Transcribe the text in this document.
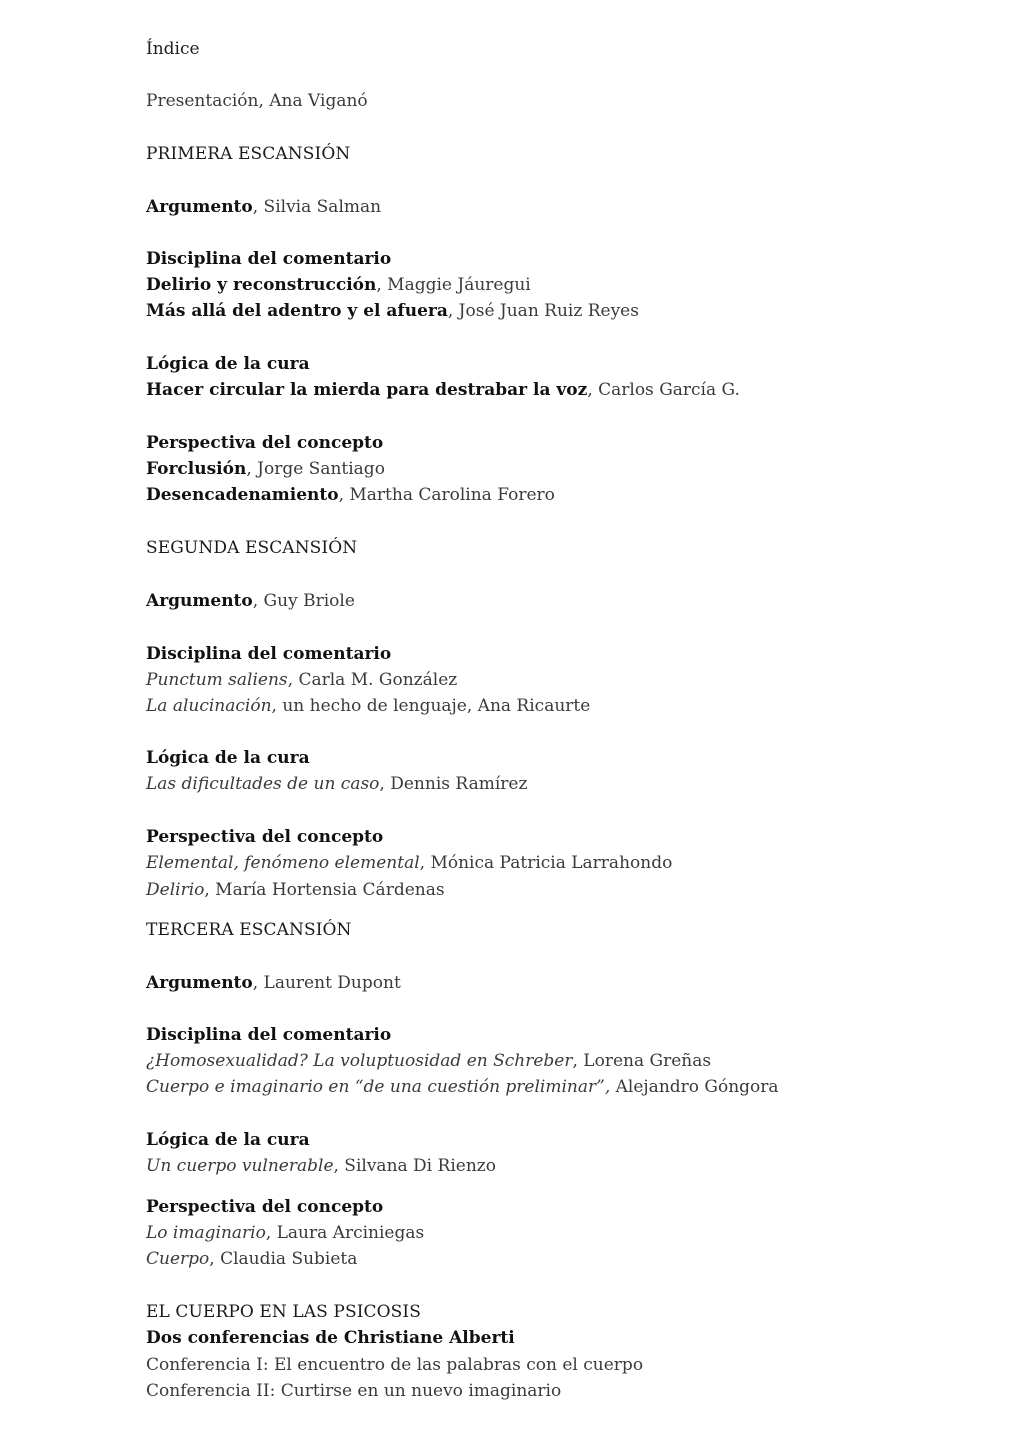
Índice
Presentación, Ana Viganó
PRIMERA ESCANSIÓN
Argumento, Silvia Salman
Disciplina del comentario
Delirio y reconstrucción, Maggie Jáuregui
Más allá del adentro y el afuera, José Juan Ruiz Reyes
Lógica de la cura
Hacer circular la mierda para destrabar la voz, Carlos García G.
Perspectiva del concepto
Forclusión, Jorge Santiago
Desencadenamiento, Martha Carolina Forero
SEGUNDA ESCANSIÓN
Argumento, Guy Briole
Disciplina del comentario
Punctum saliens, Carla M. González
La alucinación, un hecho de lenguaje, Ana Ricaurte
Lógica de la cura
Las dificultades de un caso, Dennis Ramírez
Perspectiva del concepto
Elemental, fenómeno elemental, Mónica Patricia Larrahondo
Delirio, María Hortensia Cárdenas
TERCERA ESCANSIÓN
Argumento, Laurent Dupont
Disciplina del comentario
¿Homosexualidad? La voluptuosidad en Schreber, Lorena Greñas
Cuerpo e imaginario en “de una cuestión preliminar”, Alejandro Góngora
Lógica de la cura
Un cuerpo vulnerable, Silvana Di Rienzo
Perspectiva del concepto
Lo imaginario, Laura Arciniegas
Cuerpo, Claudia Subieta
EL CUERPO EN LAS PSICOSIS
Dos conferencias de Christiane Alberti
Conferencia I: El encuentro de las palabras con el cuerpo
Conferencia II: Curtirse en un nuevo imaginario
